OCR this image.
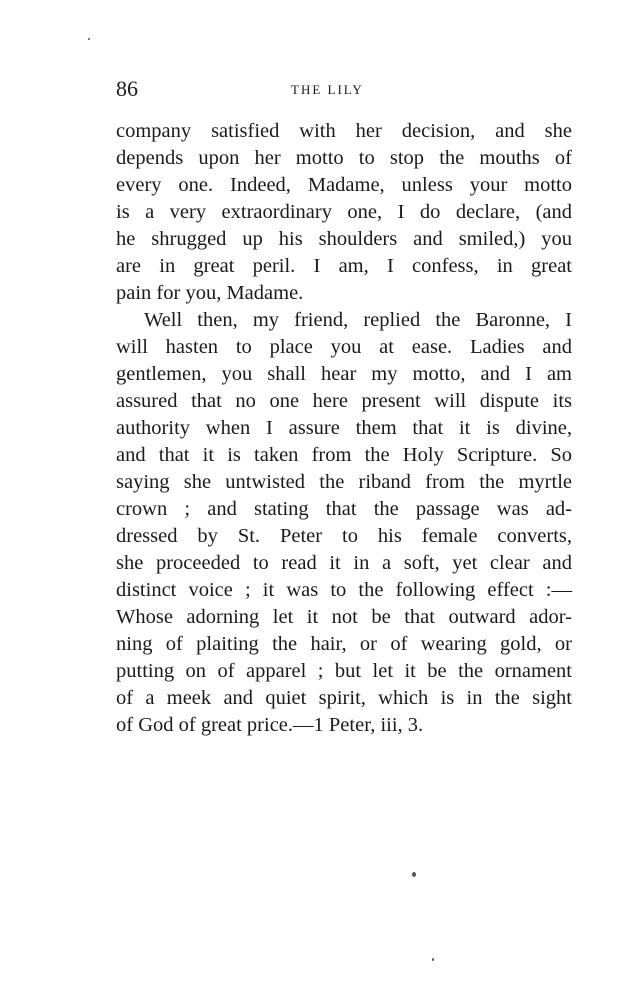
86	THE LILY
company satisfied with her decision, and she
depends upon her motto to stop the mouths of
every one. Indeed, Madame, unless your motto
is a very extraordinary one, I do declare, (and
he shrugged up his shoulders and smiled,) you
are in great peril. I am, I confess, in great
pain for you, Madame.
Well then, my friend, replied the Baronne, I
will hasten to place you at ease. Ladies and
gentlemen, you shall hear my motto, and I am
assured that no one here present will dispute its
authority when I assure them that it is divine,
and that it is taken from the Holy Scripture. So
saying she untwisted the riband from the myrtle
crown ; and stating that the passage was ad-
dressed by St. Peter to his female converts,
she proceeded to read it in a soft, yet clear and
distinct voice ; it was to the following effect :—
Whose adorning let it not be that outward ador-
ning of plaiting the hair, or of wearing gold, or
putting on of apparel ; but let it be the ornament
of a meek and quiet spirit, which is in the sight
of God of great price.—1 Peter, iii, 3.
